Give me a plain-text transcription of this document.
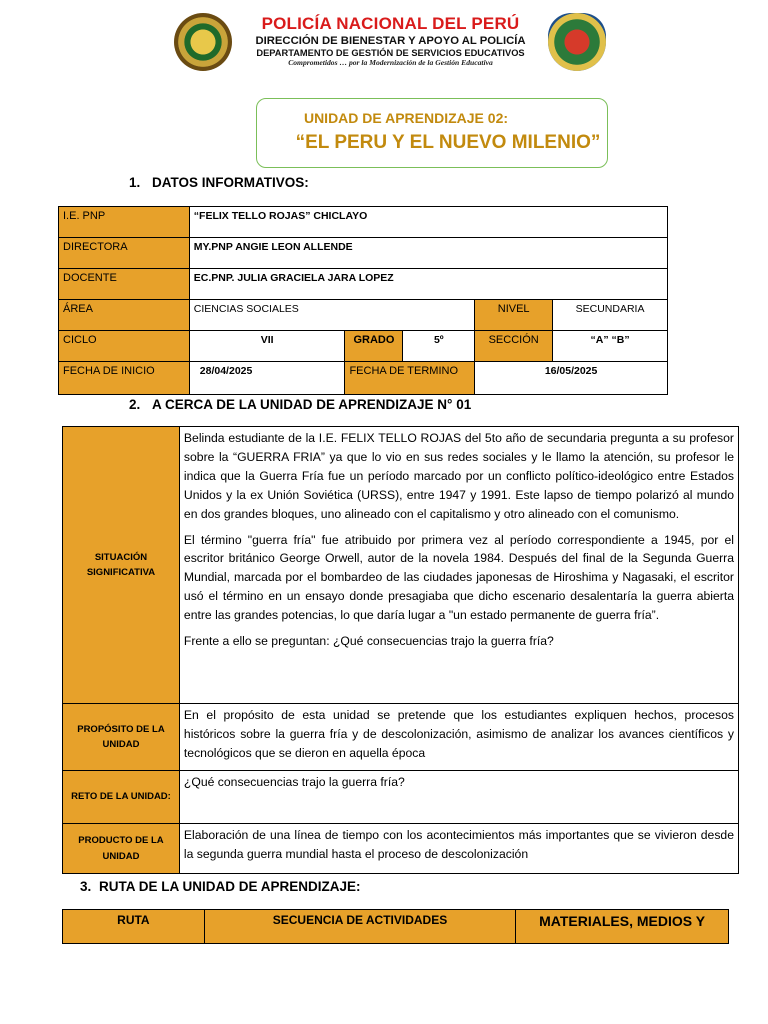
POLICÍA NACIONAL DEL PERÚ
DIRECCIÓN DE BIENESTAR Y APOYO AL POLICÍA
DEPARTAMENTO DE GESTIÓN DE SERVICIOS EDUCATIVOS
Comprometidos … por la Modernización de la Gestión Educativa
UNIDAD DE APRENDIZAJE 02:
“EL PERU Y EL NUEVO MILENIO”
1. DATOS INFORMATIVOS:
I.E. PNP	“FELIX TELLO ROJAS” CHICLAYO				
DIRECTORA	MY.PNP ANGIE LEON ALLENDE				
DOCENTE	EC.PNP. JULIA GRACIELA JARA LOPEZ				
ÁREA	CIENCIAS SOCIALES			NIVEL	SECUNDARIA
CICLO	VII	GRADO	5º	SECCIÓN	“A” “B”
FECHA DE INICIO	28/04/2025	FECHA DE TERMINO		16/05/2025	
2. A CERCA DE LA UNIDAD DE APRENDIZAJE N° 01
SITUACIÓN SIGNIFICATIVA	Belinda estudiante de la I.E. FELIX TELLO ROJAS del 5to año de secundaria pregunta a su profesor sobre la “GUERRA FRIA” ya que lo vio en sus redes sociales y le llamo la atención, su profesor le indica que la Guerra Fría fue un período marcado por un conflicto político-ideológico entre Estados Unidos y la ex Unión Soviética (URSS), entre 1947 y 1991. Este lapso de tiempo polarizó al mundo en dos grandes bloques, uno alineado con el capitalismo y otro alineado con el comunismo.

El término "guerra fría" fue atribuido por primera vez al período correspondiente a 1945, por el escritor británico George Orwell, autor de la novela 1984. Después del final de la Segunda Guerra Mundial, marcada por el bombardeo de las ciudades japonesas de Hiroshima y Nagasaki, el escritor usó el término en un ensayo donde presagiaba que dicho escenario desalentaría la guerra abierta entre las grandes potencias, lo que daría lugar a "un estado permanente de guerra fría”.

Frente a ello se preguntan: ¿Qué consecuencias trajo la guerra fría?

PROPÓSITO DE LA UNIDAD	En el propósito de esta unidad se pretende que los estudiantes expliquen hechos, procesos históricos sobre la guerra fría y de descolonización, asimismo de analizar los avances científicos y tecnológicos que se dieron en aquella época
RETO DE LA UNIDAD:	¿Qué consecuencias trajo la guerra fría?
PRODUCTO DE LA UNIDAD	Elaboración de una línea de tiempo con los acontecimientos más importantes que se vivieron desde la segunda guerra mundial hasta el proceso de descolonización
3. RUTA DE LA UNIDAD DE APRENDIZAJE:
RUTA	SECUENCIA DE ACTIVIDADES	MATERIALES, MEDIOS Y
